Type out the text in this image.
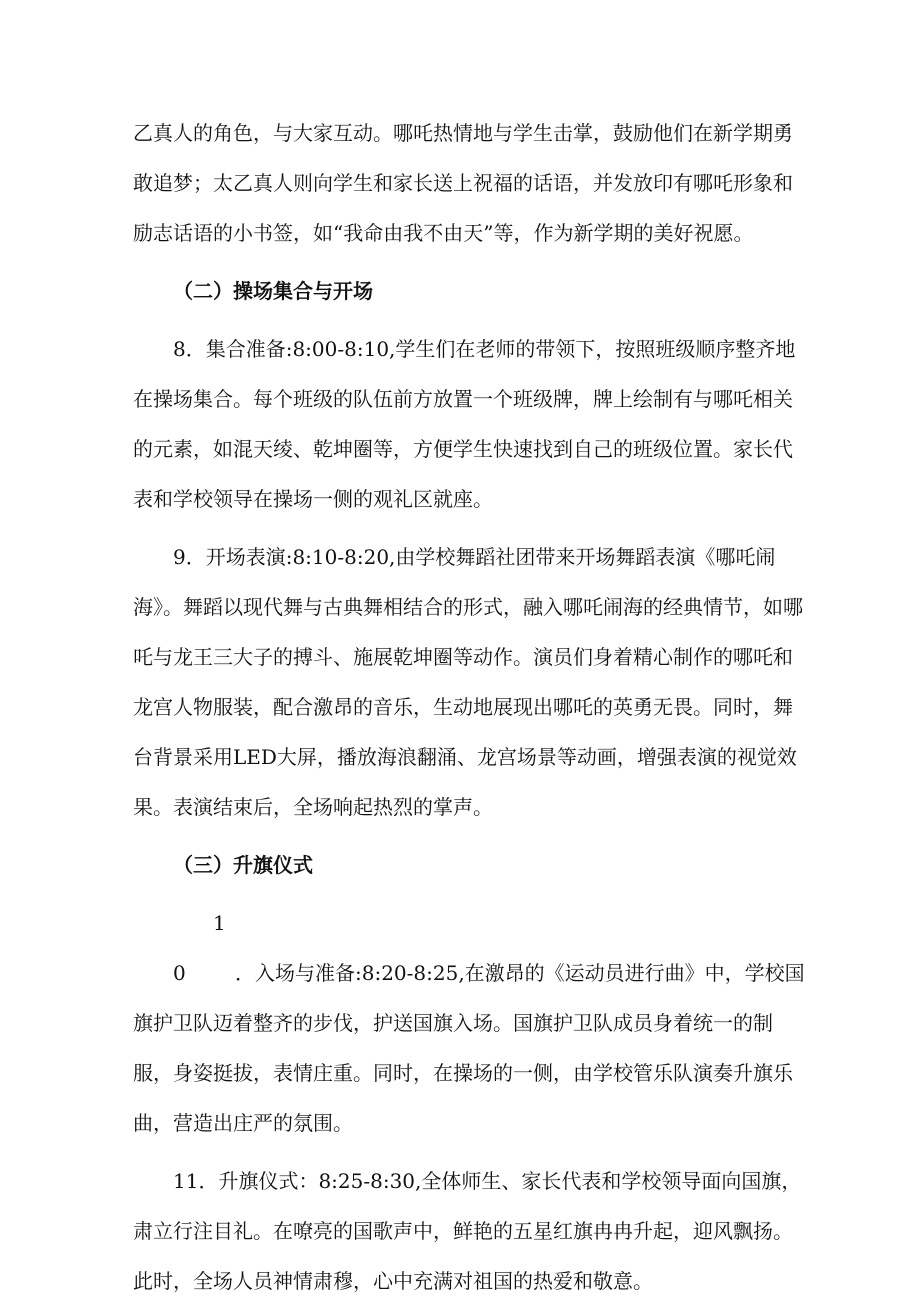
乙真人的角色，与大家互动。哪吒热情地与学生击掌，鼓励他们在新学期勇敢追梦；太乙真人则向学生和家长送上祝福的话语，并发放印有哪吒形象和励志话语的小书签，如“我命由我不由天”等，作为新学期的美好祝愿。

（二）操场集合与开场

8．集合准备:8:00-8:10,学生们在老师的带领下，按照班级顺序整齐地在操场集合。每个班级的队伍前方放置一个班级牌，牌上绘制有与哪吒相关的元素，如混天绫、乾坤圈等，方便学生快速找到自己的班级位置。家长代表和学校领导在操场一侧的观礼区就座。

9．开场表演:8:10-8:20,由学校舞蹈社团带来开场舞蹈表演《哪吒闹海》。舞蹈以现代舞与古典舞相结合的形式，融入哪吒闹海的经典情节，如哪吒与龙王三大子的搏斗、施展乾坤圈等动作。演员们身着精心制作的哪吒和龙宫人物服装，配合激昂的音乐，生动地展现出哪吒的英勇无畏。同时，舞台背景采用LED大屏，播放海浪翻涌、龙宫场景等动画，增强表演的视觉效果。表演结束后，全场响起热烈的掌声。

（三）升旗仪式

10 ．入场与准备:8:20-8:25,在激昂的《运动员进行曲》中，学校国旗护卫队迈着整齐的步伐，护送国旗入场。国旗护卫队成员身着统一的制服，身姿挺拔，表情庄重。同时，在操场的一侧，由学校管乐队演奏升旗乐曲，营造出庄严的氛围。

11．升旗仪式：8:25-8:30,全体师生、家长代表和学校领导面向国旗，肃立行注目礼。在嘹亮的国歌声中，鲜艳的五星红旗冉冉升起，迎风飘扬。此时，全场人员神情肃穆，心中充满对祖国的热爱和敬意。
